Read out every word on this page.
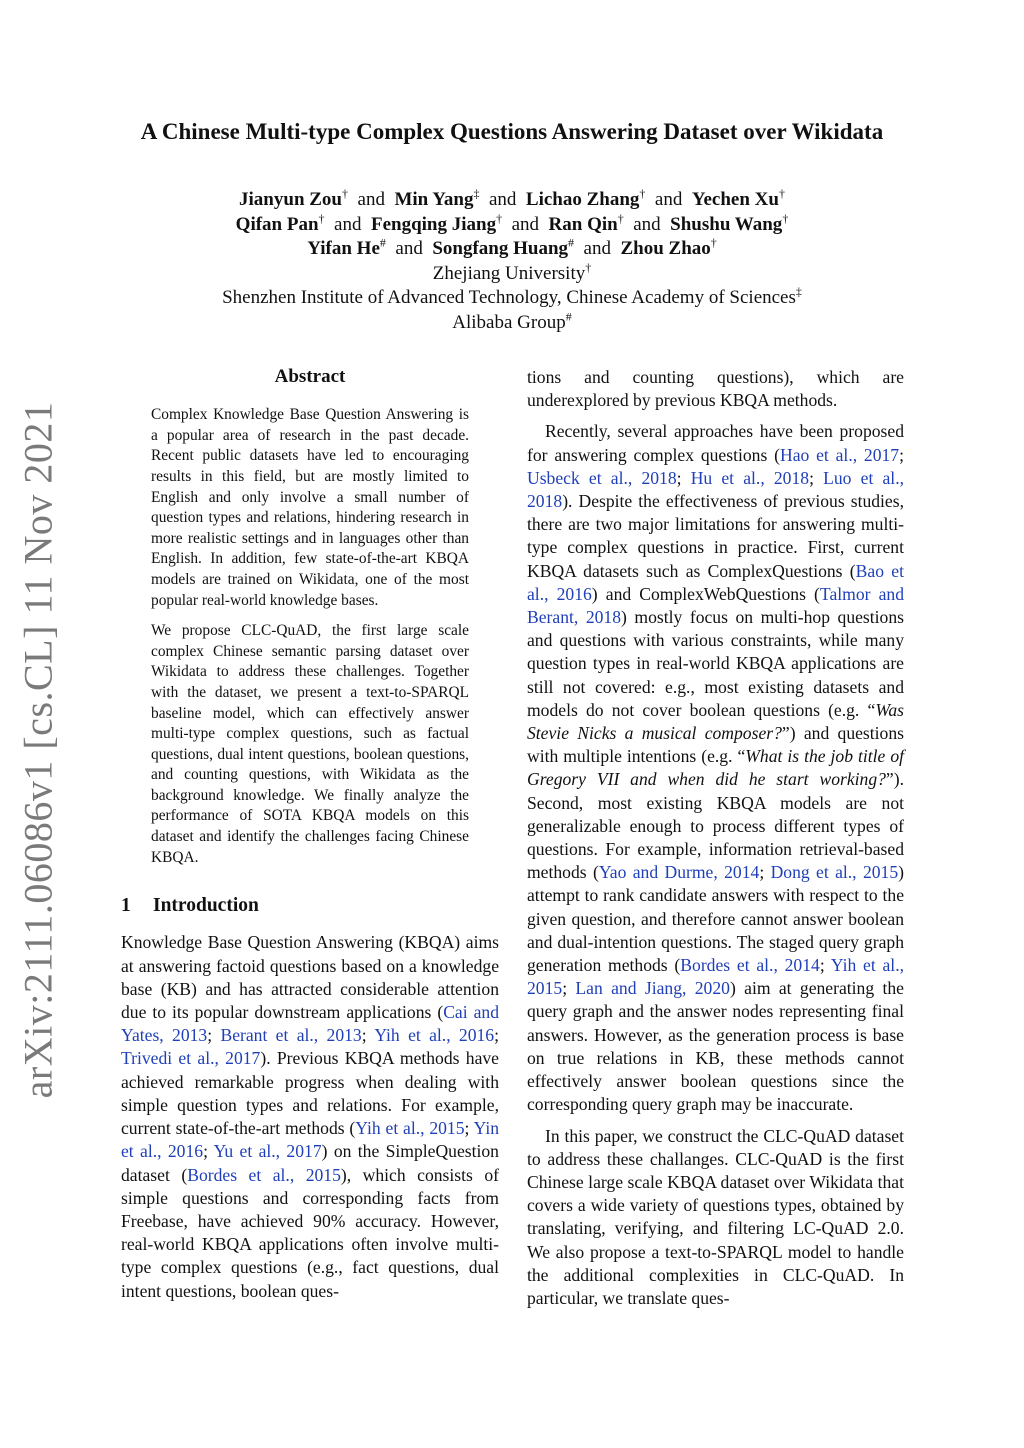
arXiv:2111.06086v1 [cs.CL] 11 Nov 2021
A Chinese Multi-type Complex Questions Answering Dataset over Wikidata
Jianyun Zou† and Min Yang‡ and Lichao Zhang† and Yechen Xu†
Qifan Pan† and Fengqing Jiang† and Ran Qin† and Shushu Wang†
Yifan He# and Songfang Huang# and Zhou Zhao†
Zhejiang University†
Shenzhen Institute of Advanced Technology, Chinese Academy of Sciences‡
Alibaba Group#
Abstract

Complex Knowledge Base Question Answering is a popular area of research in the past decade. Recent public datasets have led to encouraging results in this field, but are mostly limited to English and only involve a small number of question types and relations, hindering research in more realistic settings and in languages other than English. In addition, few state-of-the-art KBQA models are trained on Wikidata, one of the most popular real-world knowledge bases.

We propose CLC-QuAD, the first large scale complex Chinese semantic parsing dataset over Wikidata to address these challenges. Together with the dataset, we present a text-to-SPARQL baseline model, which can effectively answer multi-type complex questions, such as factual questions, dual intent questions, boolean questions, and counting questions, with Wikidata as the background knowledge. We finally analyze the performance of SOTA KBQA models on this dataset and identify the challenges facing Chinese KBQA.

1 Introduction

Knowledge Base Question Answering (KBQA) aims at answering factoid questions based on a knowledge base (KB) and has attracted considerable attention due to its popular downstream applications (Cai and Yates, 2013; Berant et al., 2013; Yih et al., 2016; Trivedi et al., 2017). Previous KBQA methods have achieved remarkable progress when dealing with simple question types and relations. For example, current state-of-the-art methods (Yih et al., 2015; Yin et al., 2016; Yu et al., 2017) on the SimpleQuestion dataset (Bordes et al., 2015), which consists of simple questions and corresponding facts from Freebase, have achieved 90% accuracy. However, real-world KBQA applications often involve multi-type complex questions (e.g., fact questions, dual intent questions, boolean ques-

tions and counting questions), which are underexplored by previous KBQA methods.

Recently, several approaches have been proposed for answering complex questions (Hao et al., 2017; Usbeck et al., 2018; Hu et al., 2018; Luo et al., 2018). Despite the effectiveness of previous studies, there are two major limitations for answering multi-type complex questions in practice. First, current KBQA datasets such as ComplexQuestions (Bao et al., 2016) and ComplexWebQuestions (Talmor and Berant, 2018) mostly focus on multi-hop questions and questions with various constraints, while many question types in real-world KBQA applications are still not covered: e.g., most existing datasets and models do not cover boolean questions (e.g. “Was Stevie Nicks a musical composer?”) and questions with multiple intentions (e.g. “What is the job title of Gregory VII and when did he start working?”). Second, most existing KBQA models are not generalizable enough to process different types of questions. For example, information retrieval-based methods (Yao and Durme, 2014; Dong et al., 2015) attempt to rank candidate answers with respect to the given question, and therefore cannot answer boolean and dual-intention questions. The staged query graph generation methods (Bordes et al., 2014; Yih et al., 2015; Lan and Jiang, 2020) aim at generating the query graph and the answer nodes representing final answers. However, as the generation process is base on true relations in KB, these methods cannot effectively answer boolean questions since the corresponding query graph may be inaccurate.

In this paper, we construct the CLC-QuAD dataset to address these challanges. CLC-QuAD is the first Chinese large scale KBQA dataset over Wikidata that covers a wide variety of questions types, obtained by translating, verifying, and filtering LC-QuAD 2.0. We also propose a text-to-SPARQL model to handle the additional complexities in CLC-QuAD. In particular, we translate ques-
